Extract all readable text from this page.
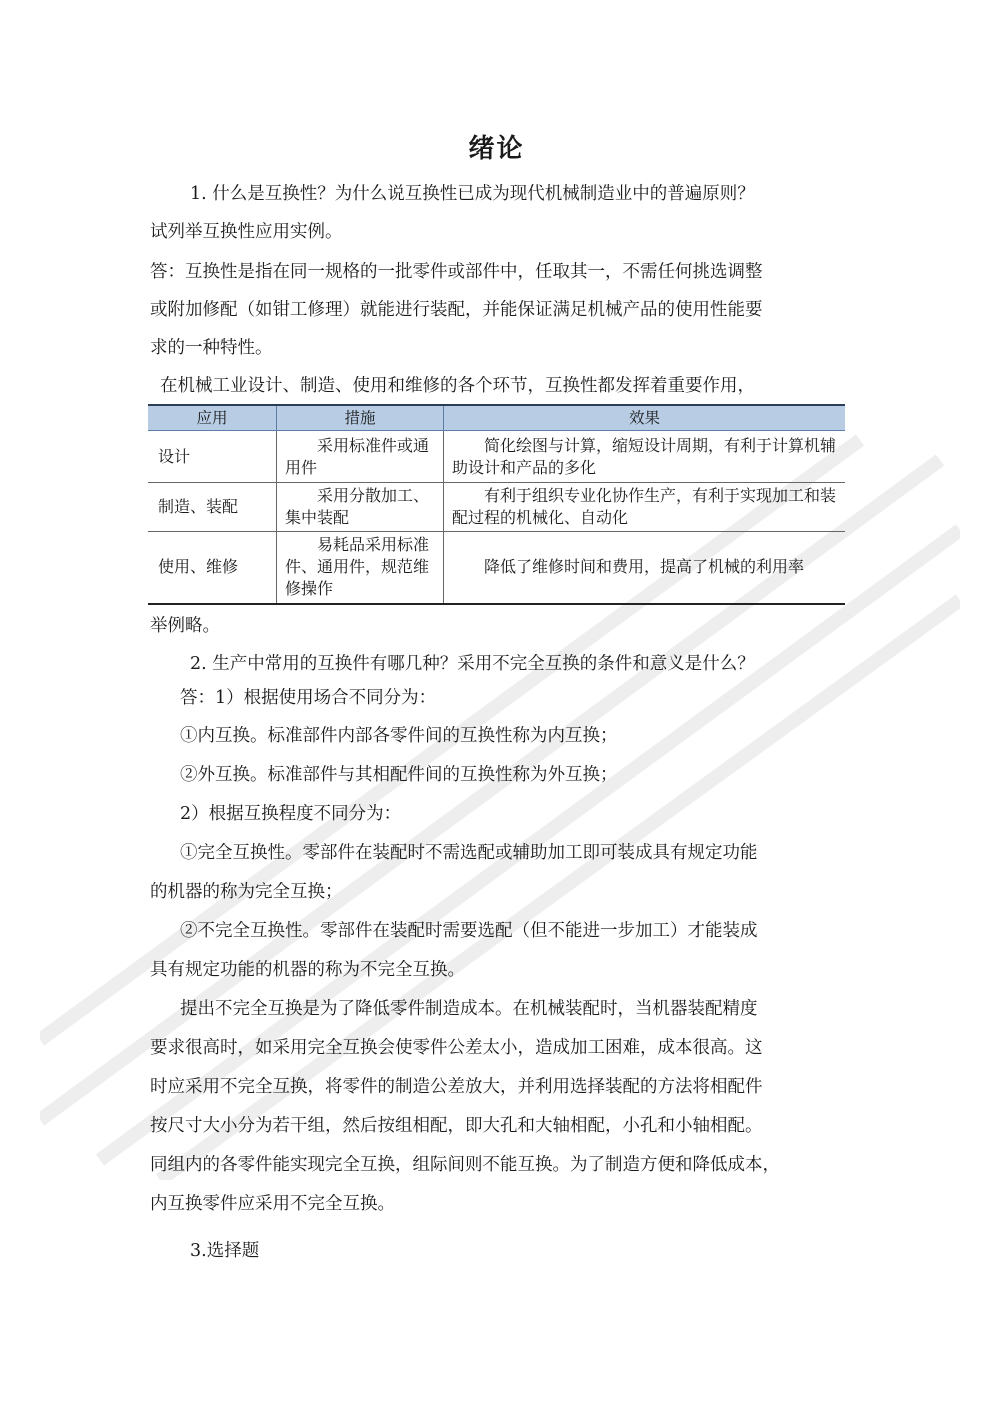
绪论
1. 什么是互换性？为什么说互换性已成为现代机械制造业中的普遍原则？
试列举互换性应用实例。
答：互换性是指在同一规格的一批零件或部件中，任取其一，不需任何挑选调整
或附加修配（如钳工修理）就能进行装配，并能保证满足机械产品的使用性能要
求的一种特性。
在机械工业设计、制造、使用和维修的各个环节，互换性都发挥着重要作用，
应用	措施	效果
设计	采用标准件或通用件	简化绘图与计算，缩短设计周期，有利于计算机辅助设计和产品的多化
制造、装配	采用分散加工、集中装配	有利于组织专业化协作生产，有利于实现加工和装配过程的机械化、自动化
使用、维修	易耗品采用标准件、通用件，规范维修操作	降低了维修时间和费用，提高了机械的利用率
举例略。
2. 生产中常用的互换件有哪几种？采用不完全互换的条件和意义是什么？
答：1）根据使用场合不同分为：
①内互换。标准部件内部各零件间的互换性称为内互换；
②外互换。标准部件与其相配件间的互换性称为外互换；
2）根据互换程度不同分为：
①完全互换性。零部件在装配时不需选配或辅助加工即可装成具有规定功能
的机器的称为完全互换；
②不完全互换性。零部件在装配时需要选配（但不能进一步加工）才能装成
具有规定功能的机器的称为不完全互换。
提出不完全互换是为了降低零件制造成本。在机械装配时，当机器装配精度
要求很高时，如采用完全互换会使零件公差太小，造成加工困难，成本很高。这
时应采用不完全互换，将零件的制造公差放大，并利用选择装配的方法将相配件
按尺寸大小分为若干组，然后按组相配，即大孔和大轴相配，小孔和小轴相配。
同组内的各零件能实现完全互换，组际间则不能互换。为了制造方便和降低成本，
内互换零件应采用不完全互换。
3.选择题
